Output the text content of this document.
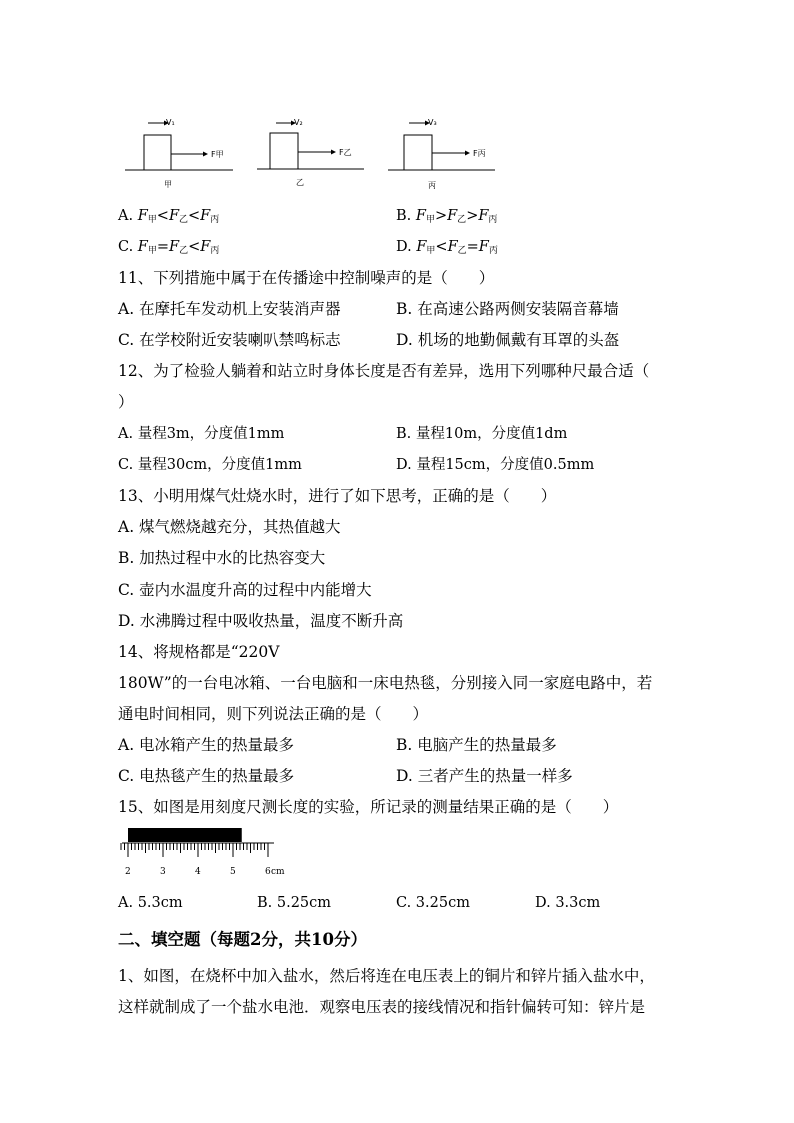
V₁
F甲
甲
V₂
F乙
乙
V₃
F丙
丙
A. $F_甲<F_乙<F_丙$	B. $F_甲>F_乙>F_丙$
C. $F_甲=F_乙<F_丙$	D. $F_甲<F_乙=F_丙$
11、下列措施中属于在传播途中控制噪声的是（　　）
A. 在摩托车发动机上安装消声器	B. 在高速公路两侧安装隔音幕墙
C. 在学校附近安装喇叭禁鸣标志	D. 机场的地勤佩戴有耳罩的头盔
12、为了检验人躺着和站立时身体长度是否有差异，选用下列哪种尺最合适（
）
A. 量程3m，分度值1mm	B. 量程10m，分度值1dm
C. 量程30cm，分度值1mm	D. 量程15cm，分度值0.5mm
13、小明用煤气灶烧水时，进行了如下思考，正确的是（　　）
A. 煤气燃烧越充分，其热值越大
B. 加热过程中水的比热容变大
C. 壶内水温度升高的过程中内能增大
D. 水沸腾过程中吸收热量，温度不断升高
14、将规格都是“220V
180W”的一台电冰箱、一台电脑和一床电热毯，分别接入同一家庭电路中，若
通电时间相同，则下列说法正确的是（　　）
A. 电冰箱产生的热量最多	B. 电脑产生的热量最多
C. 电热毯产生的热量最多	D. 三者产生的热量一样多
15、如图是用刻度尺测长度的实验，所记录的测量结果正确的是（　　）
2	3	4	5	6 cm
A. 5.3cm	B. 5.25cm	C. 3.25cm	D. 3.3cm
二、填空题（每题2分，共10分）
1、如图，在烧杯中加入盐水，然后将连在电压表上的铜片和锌片插入盐水中，
这样就制成了一个盐水电池．观察电压表的接线情况和指针偏转可知：锌片是
